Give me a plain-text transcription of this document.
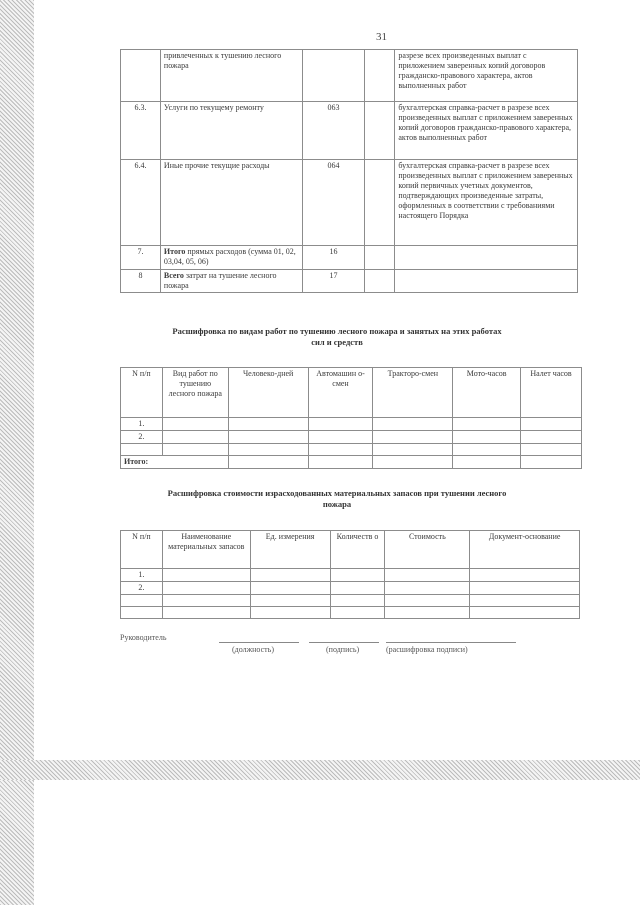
31
	привлеченных к тушению лесного пожара			разрезе всех произведенных выплат с приложением заверенных копий договоров гражданско-правового характера, актов выполненных работ
6.3.	Услуги по текущему ремонту	063		бухгалтерская справка-расчет в разрезе всех произведенных выплат с приложением заверенных копий договоров гражданско-правового характера, актов выполненных работ
6.4.	Иные прочие текущие расходы	064		бухгалтерская справка-расчет в разрезе всех произведенных выплат с приложением заверенных копий первичных учетных документов, подтверждающих произведенные затраты, оформленных в соответствии с требованиями настоящего Порядка
7.	Итого прямых расходов (сумма 01, 02, 03,04, 05, 06)	16		
8	Всего затрат на тушение лесного пожара	17		
Расшифровка по видам работ по тушению лесного пожара и занятых на этих работах
сил и средств
N п/п	Вид работ по тушению лесного пожара	Человеко-дней	Автомашин о-смен	Тракторо-смен	Мото-часов	Налет часов
1.						
2.						

Итого:						
Расшифровка стоимости израсходованных материальных запасов при тушении лесного
пожара
N п/п	Наименование материальных запасов	Ед. измерения	Количеств о	Стоимость	Документ-основание
1.					
2.					

Руководитель
(должность)	(подпись)	(расшифровка подписи)
